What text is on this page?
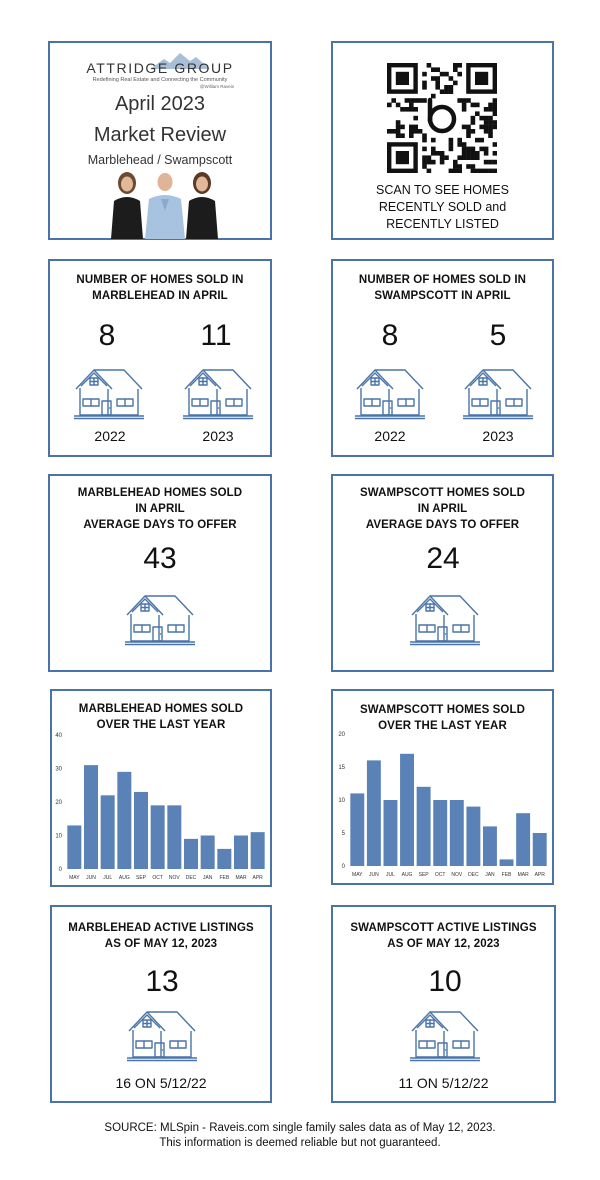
ATTRIDGE GROUP
Redefining Real Estate and Connecting the Community
@William Raveis
April 2023
Market Review
Marblehead / Swampscott
SCAN TO SEE HOMES
RECENTLY SOLD and
RECENTLY LISTED
NUMBER OF HOMES SOLD IN
MARBLEHEAD IN APRIL
8	11
2022	2023
NUMBER OF HOMES SOLD IN
SWAMPSCOTT IN APRIL
8	5
2022	2023
MARBLEHEAD HOMES SOLD
IN APRIL
AVERAGE DAYS TO OFFER
43
SWAMPSCOTT HOMES SOLD
IN APRIL
AVERAGE DAYS TO OFFER
24
MARBLEHEAD HOMES SOLD
OVER THE LAST YEAR
0
10
20
30
40
MAY JUN JUL AUG SEP OCT NOV DEC JAN FEB MAR APR
SWAMPSCOTT HOMES SOLD
OVER THE LAST YEAR
0
5
10
15
20
MAY JUN JUL AUG SEP OCT NOV DEC JAN FEB MAR APR
MARBLEHEAD ACTIVE LISTINGS
AS OF MAY 12, 2023
13
16 ON 5/12/22
SWAMPSCOTT ACTIVE LISTINGS
AS OF MAY 12, 2023
10
11 ON 5/12/22
SOURCE: MLSpin - Raveis.com single family sales data as of May 12, 2023.
This information is deemed reliable but not guaranteed.
